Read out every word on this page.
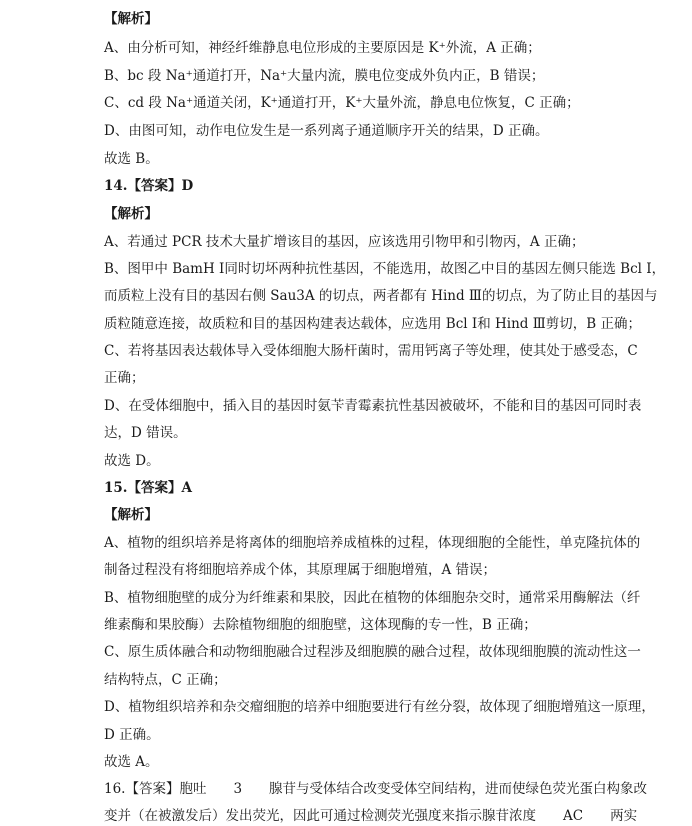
【解析】
A、由分析可知，神经纤维静息电位形成的主要原因是 K⁺外流，A 正确；
B、bc 段 Na⁺通道打开，Na⁺大量内流，膜电位变成外负内正，B 错误；
C、cd 段 Na⁺通道关闭，K⁺通道打开，K⁺大量外流，静息电位恢复，C 正确；
D、由图可知，动作电位发生是一系列离子通道顺序开关的结果，D 正确。
故选 B。
14.【答案】D
【解析】
A、若通过 PCR 技术大量扩增该目的基因，应该选用引物甲和引物丙，A 正确；
B、图甲中 BamH Ⅰ同时切坏两种抗性基因，不能选用，故图乙中目的基因左侧只能选 Bcl Ⅰ，
而质粒上没有目的基因右侧 Sau3A 的切点，两者都有 Hind Ⅲ的切点，为了防止目的基因与
质粒随意连接，故质粒和目的基因构建表达载体，应选用 Bcl Ⅰ和 Hind Ⅲ剪切，B 正确；
C、若将基因表达载体导入受体细胞大肠杆菌时，需用钙离子等处理，使其处于感受态，C
正确；
D、在受体细胞中，插入目的基因时氨苄青霉素抗性基因被破坏，不能和目的基因可同时表
达，D 错误。
故选 D。
15.【答案】A
【解析】
A、植物的组织培养是将离体的细胞培养成植株的过程，体现细胞的全能性，单克隆抗体的
制备过程没有将细胞培养成个体，其原理属于细胞增殖，A 错误；
B、植物细胞壁的成分为纤维素和果胶，因此在植物的体细胞杂交时，通常采用酶解法（纤
维素酶和果胶酶）去除植物细胞的细胞壁，这体现酶的专一性，B 正确；
C、原生质体融合和动物细胞融合过程涉及细胞膜的融合过程，故体现细胞膜的流动性这一
结构特点，C 正确；
D、植物组织培养和杂交瘤细胞的培养中细胞要进行有丝分裂，故体现了细胞增殖这一原理，
D 正确。
故选 A。
16.【答案】胞吐　　3　　腺苷与受体结合改变受体空间结构，进而使绿色荧光蛋白构象改
变并（在被激发后）发出荧光，因此可通过检测荧光强度来指示腺苷浓度　　AC　　两实
